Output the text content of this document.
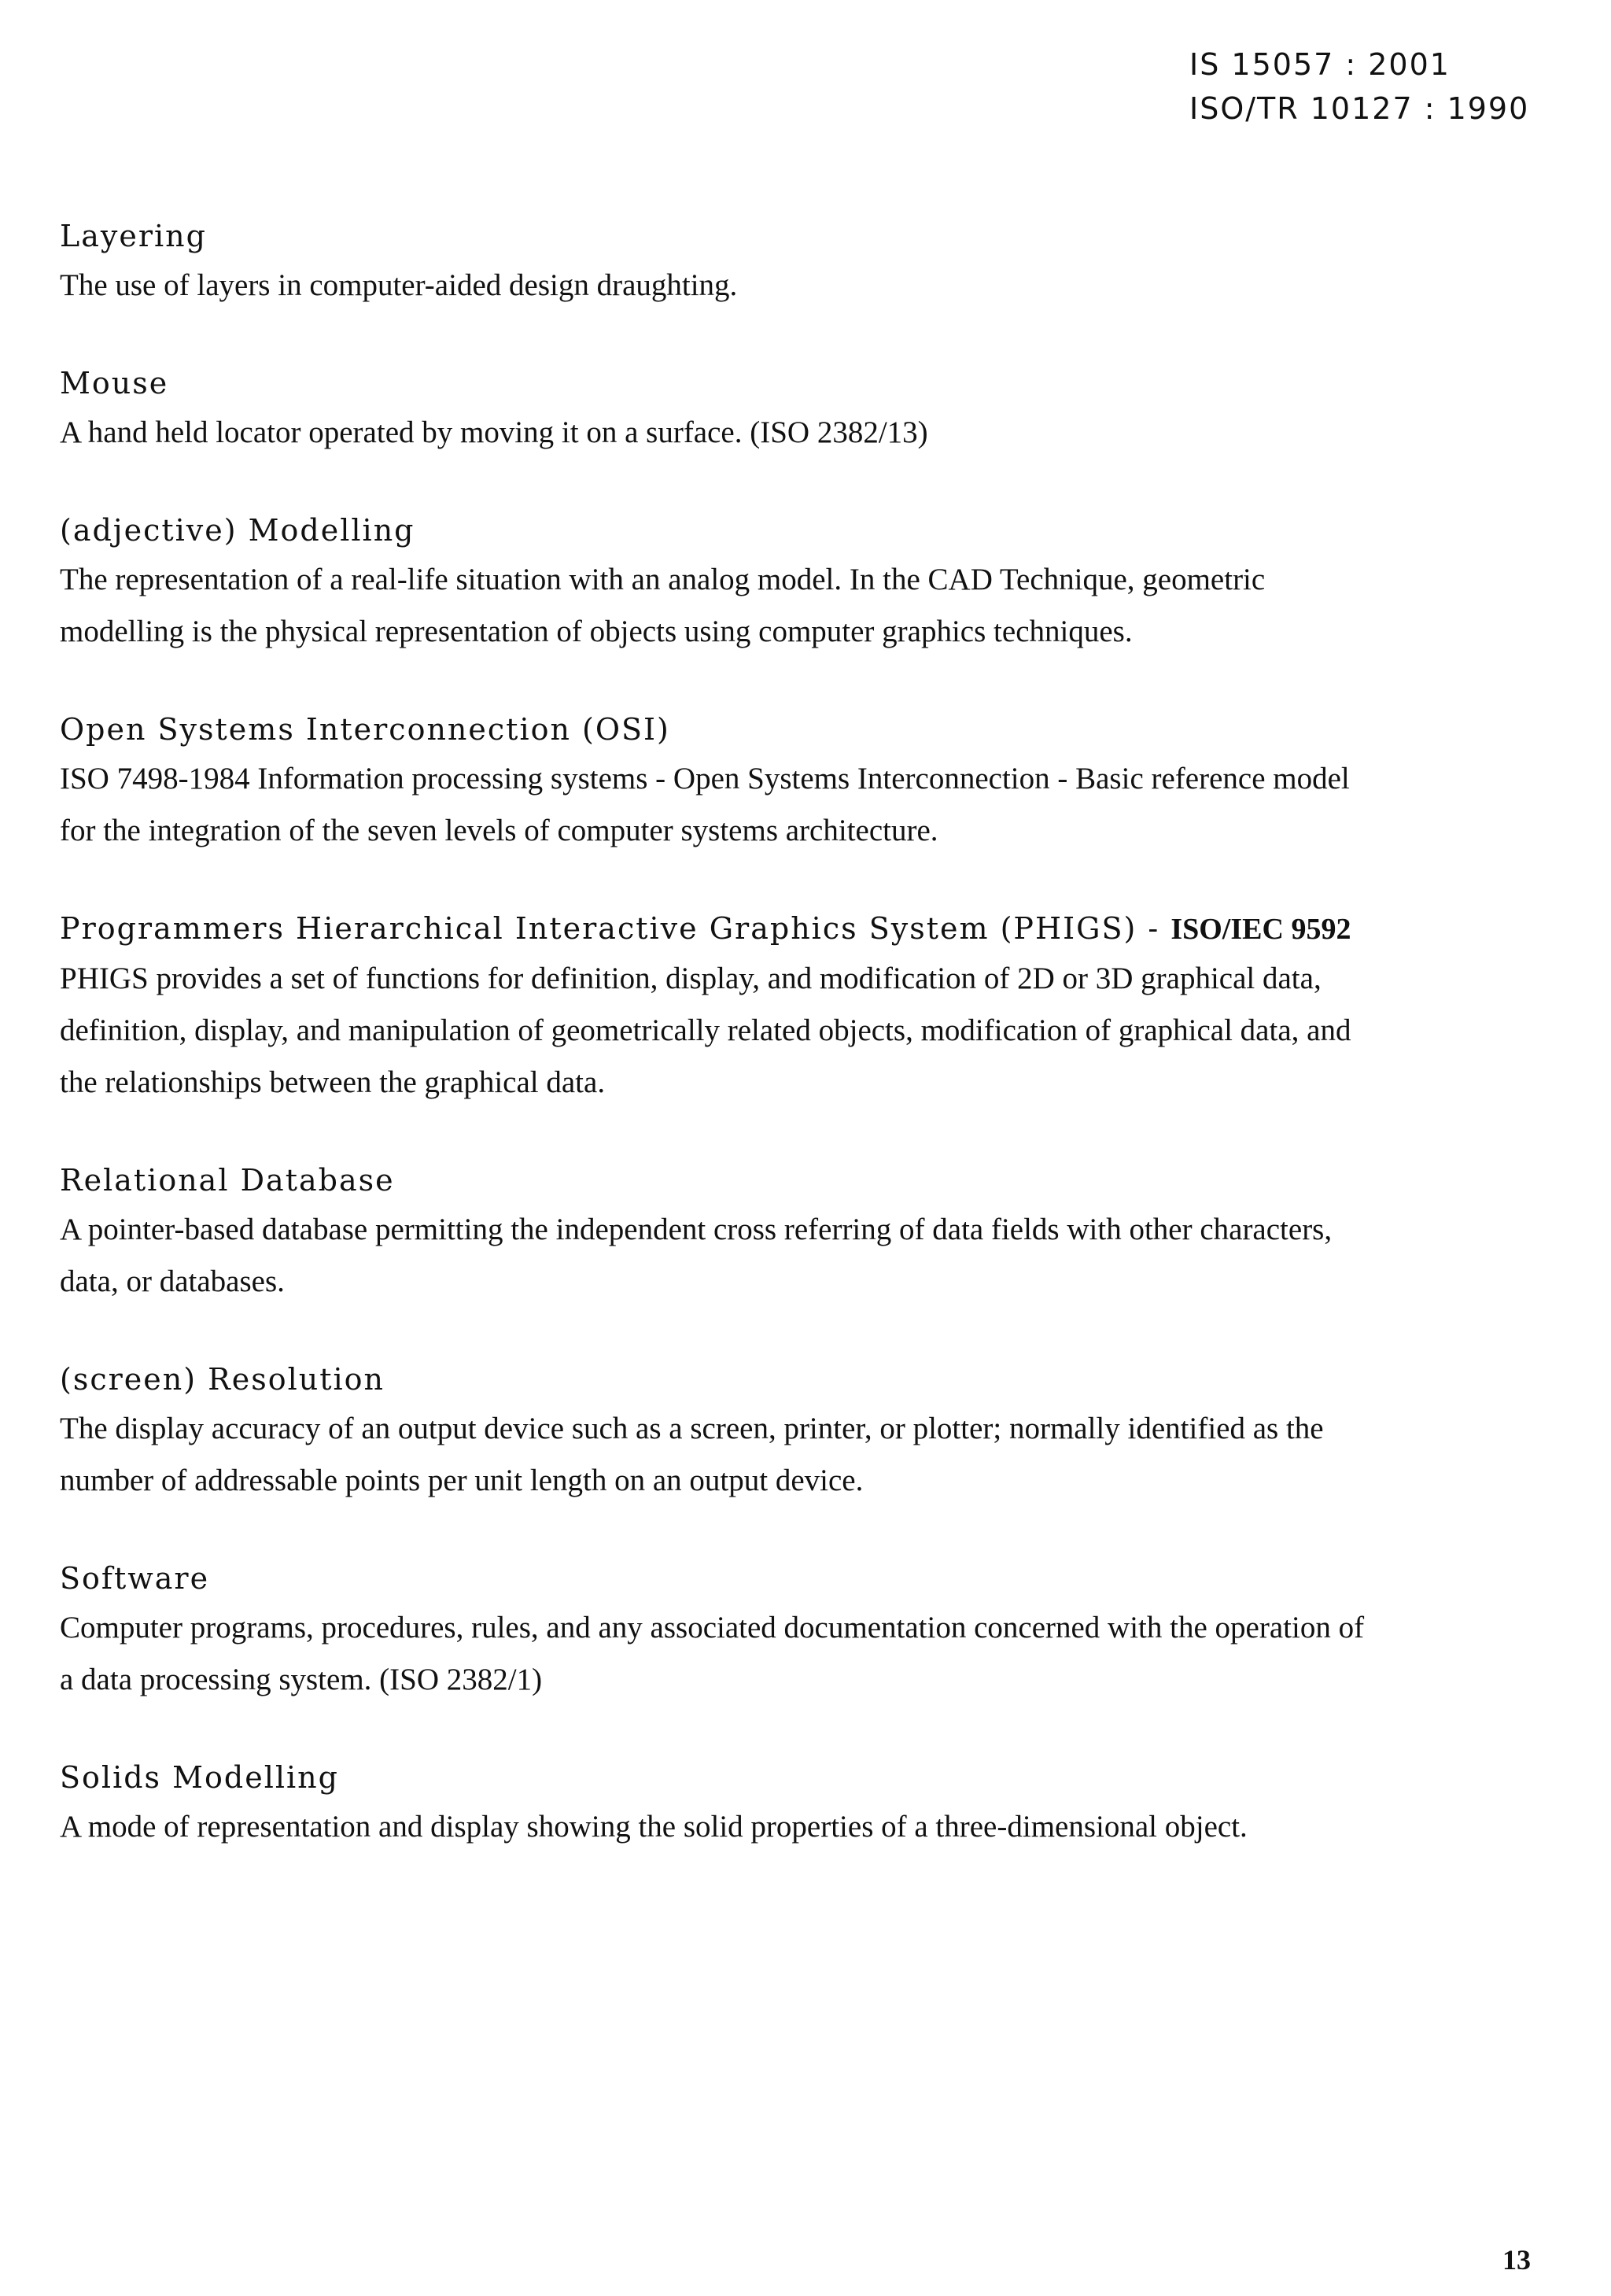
IS 15057 : 2001
ISO/TR 10127 : 1990
Layering

The use of layers in computer-aided design draughting.

Mouse

A hand held locator operated by moving it on a surface. (ISO 2382/13)

(adjective) Modelling

The representation of a real-life situation with an analog model. In the CAD Technique, geometric
modelling is the physical representation of objects using computer graphics techniques.

Open Systems Interconnection (OSI)

ISO 7498-1984 Information processing systems - Open Systems Interconnection - Basic reference model
for the integration of the seven levels of computer systems architecture.

Programmers Hierarchical Interactive Graphics System (PHIGS) - ISO/IEC 9592

PHIGS provides a set of functions for definition, display, and modification of 2D or 3D graphical data,
definition, display, and manipulation of geometrically related objects, modification of graphical data, and
the relationships between the graphical data.

Relational Database

A pointer-based database permitting the independent cross referring of data fields with other characters,
data, or databases.

(screen) Resolution

The display accuracy of an output device such as a screen, printer, or plotter; normally identified as the
number of addressable points per unit length on an output device.

Software

Computer programs, procedures, rules, and any associated documentation concerned with the operation of
a data processing system. (ISO 2382/1)

Solids Modelling

A mode of representation and display showing the solid properties of a three-dimensional object.

13
